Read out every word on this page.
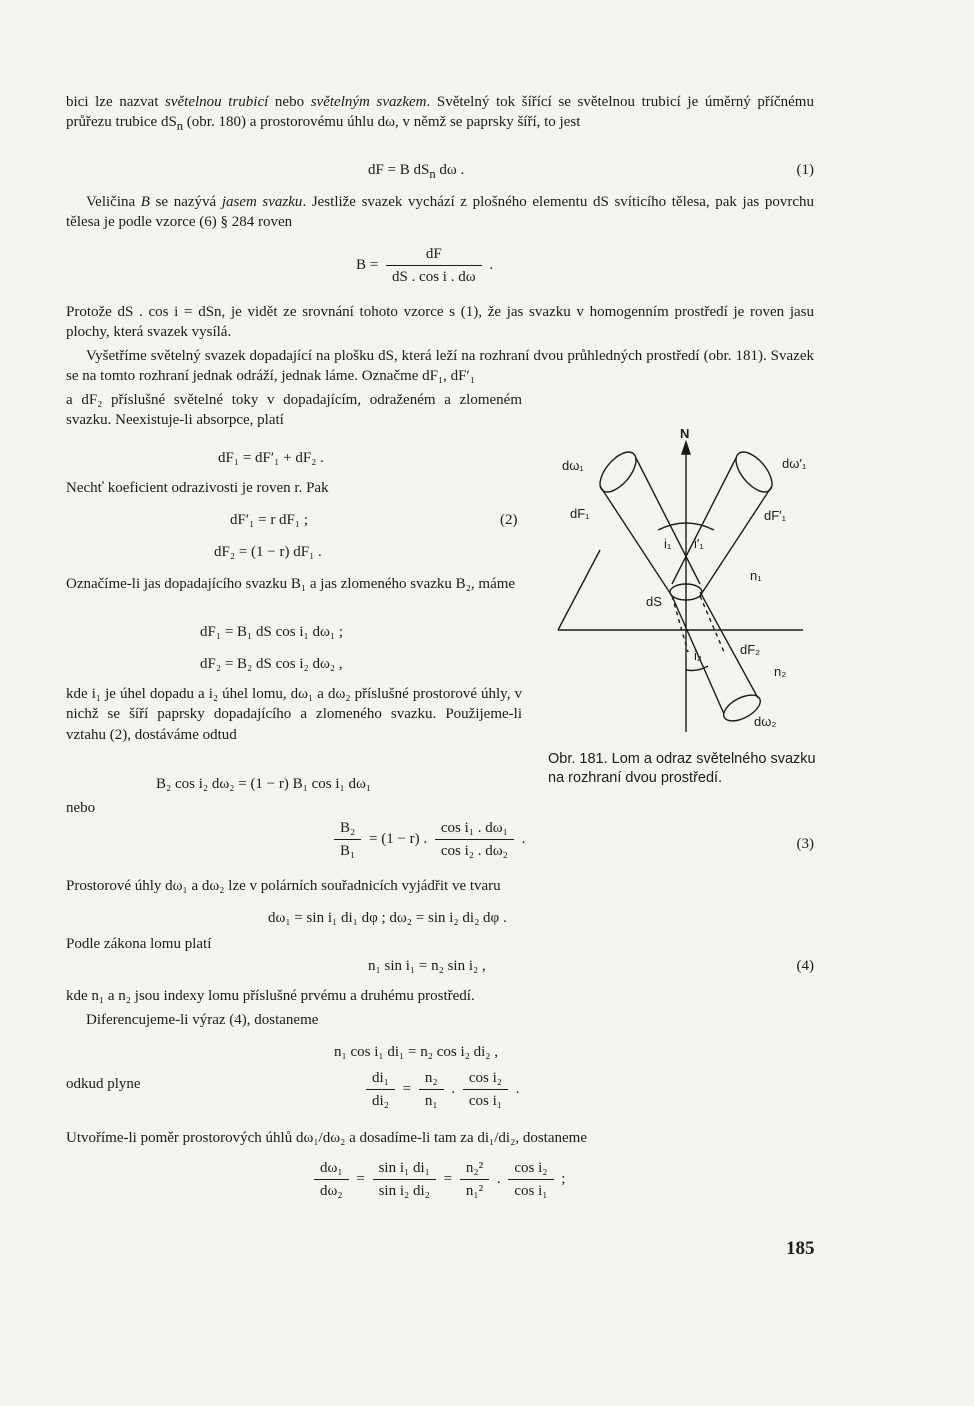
bici lze nazvat světelnou trubicí nebo světelným svazkem. Světelný tok šířící se světelnou trubicí je úměrný příčnému průřezu trubice $dS_n$ (obr. 180) a prostorovému úhlu dω, v němž se paprsky šíří, to jest
dF = B $dS_n$ dω .	(1)
Veličina B se nazývá jasem svazku. Jestliže svazek vychází z plošného elementu dS svíticího tělesa, pak jas povrchu tělesa je podle vzorce (6) § 284 roven
$B = \frac{dF}{\text{dS . cos i . dω}}$ .
Protože dS . cos i = dSn, je vidět ze srovnání tohoto vzorce s (1), že jas svazku v homogenním prostředí je roven jasu plochy, která svazek vysílá.
Vyšetříme světelný svazek dopadající na plošku dS, která leží na rozhraní dvou průhledných prostředí (obr. 181). Svazek se na tomto rozhraní jednak odráží, jednak láme. Označme dF₁, dF′₁
a dF₂ příslušné světelné toky v dopadajícím, odraženém a zlomeném svazku. Neexistuje-li absorpce, platí
dF₁ = dF′₁ + dF₂ .
Nechť koeficient odrazivosti je roven r. Pak
dF′₁ = r dF₁ ;	(2)
dF₂ = (1 − r) dF₁ .
Označíme-li jas dopadajícího svazku B₁ a jas zlomeného svazku B₂, máme
dF₁ = B₁ dS cos i₁ dω₁ ;
dF₂ = B₂ dS cos i₂ dω₂ ,
kde i₁ je úhel dopadu a i₂ úhel lomu, dω₁ a dω₂ příslušné prostorové úhly, v nichž se šíří paprsky dopadajícího a zlomeného svazku. Použijeme-li vztahu (2), dostáváme odtud
B₂ cos i₂ dω₂ = (1 − r) B₁ cos i₁ dω₁
nebo
$\frac{\text{B₂}}{\text{B₁}} = (1 - r)$ . $\frac{\text{cos i₁ . dω₁}}{\text{cos i₂ . dω₂}}$ .	(3)
Prostorové úhly dω₁ a dω₂ lze v polárních souřadnicích vyjádřit ve tvaru
dω₁ = sin i₁ di₁ dφ ; dω₂ = sin i₂ di₂ dφ .
Podle zákona lomu platí
n₁ sin i₁ = n₂ sin i₂ ,	(4)
kde n₁ a n₂ jsou indexy lomu příslušné prvému a druhému prostředí.
Diferencujeme-li výraz (4), dostaneme
n₁ cos i₁ di₁ = n₂ cos i₂ di₂ ,
odkud plyne	$\frac{\text{di₁}}{\text{di₂}} = \frac{\text{n₂}}{\text{n₁}}$ . $\frac{\text{cos i₂}}{\text{cos i₁}}$ .
Utvoříme-li poměr prostorových úhlů dω₁/dω₂ a dosadíme-li tam za di₁/di₂, dostaneme
$\frac{\text{dω₁}}{\text{dω₂}} = \frac{\text{sin i₁ di₁}}{\text{sin i₂ di₂}} = \frac{\text{n₂²}}{\text{n₁²}}$ . $\frac{\text{cos i₂}}{\text{cos i₁}}$ ;
N
dω₁	dω′₁
dF₁	dF′₁
i₁ i′₁
n₁
dS
i₂	dF₂
n₂
dω₂
Obr. 181. Lom a odraz světelného svazku na rozhraní dvou prostředí.
185
